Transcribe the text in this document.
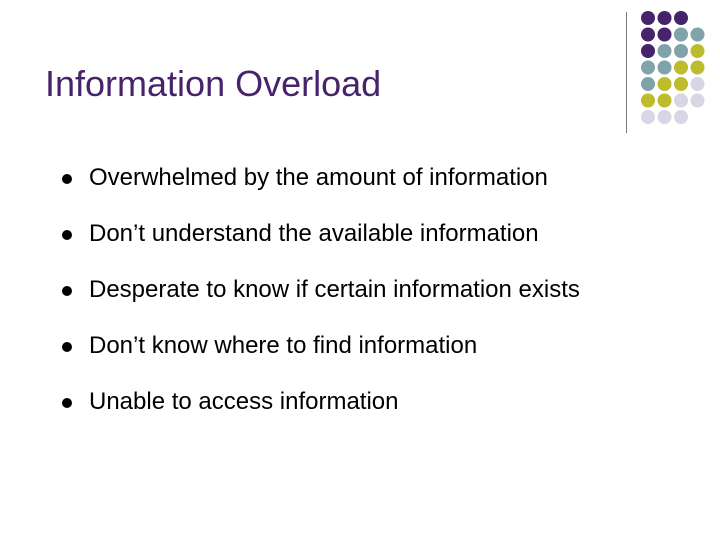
Information Overload
Overwhelmed by the amount of information
Don’t understand the available information
Desperate to know if certain information exists
Don’t know where to find information
Unable to access information
